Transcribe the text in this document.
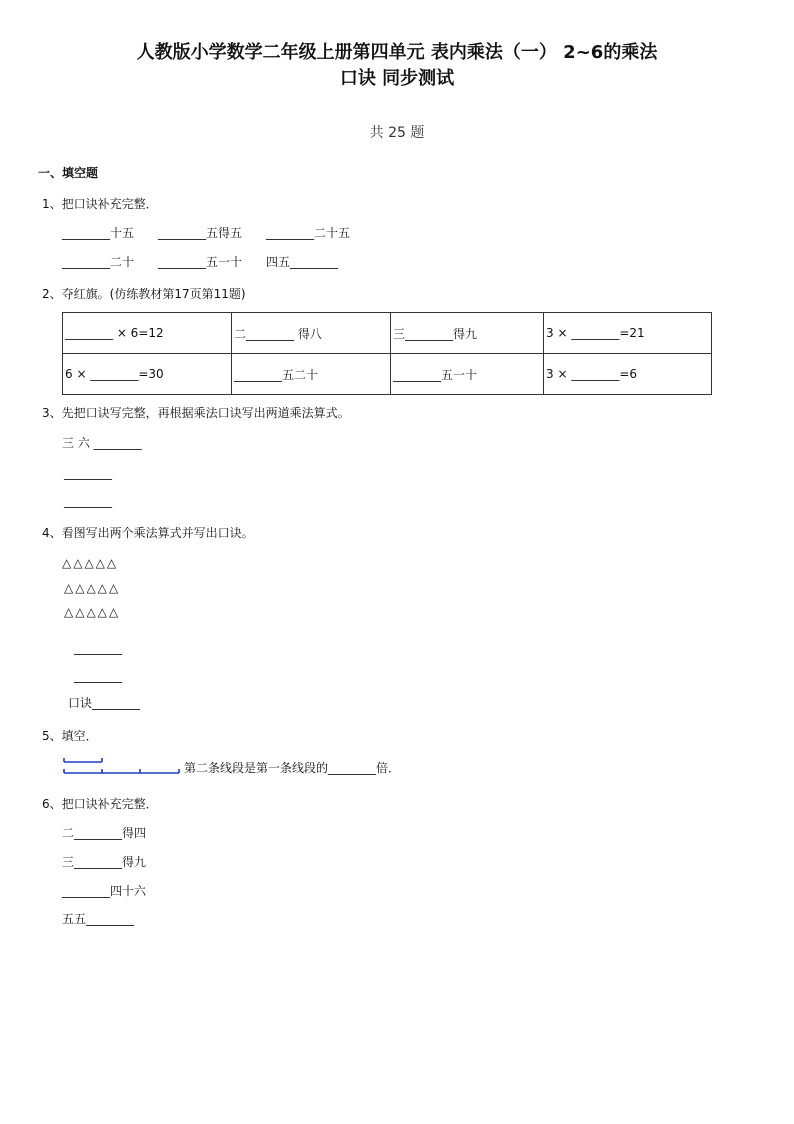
人教版小学数学二年级上册第四单元 表内乘法（一） 2~6的乘法
口诀 同步测试
共 25 题
一、填空题
1、把口诀补充完整．
________十五 ________五得五 ________二十五
________二十 ________五一十 四五________
2、夺红旗。(仿练教材第17页第11题)
________ × 6=12	二________ 得八	三________得九	3 × ________=21
6 × ________=30	________五二十	________五一十	3 × ________=6
3、先把口诀写完整，再根据乘法口诀写出两道乘法算式。
三 六 ________
________
________
4、看图写出两个乘法算式并写出口诀。
△△△△△
△△△△△
△△△△△
________
________
口诀________
5、填空．
第二条线段是第一条线段的________倍．
6、把口诀补充完整．
二________得四
三________得九
________四十六
五五________
